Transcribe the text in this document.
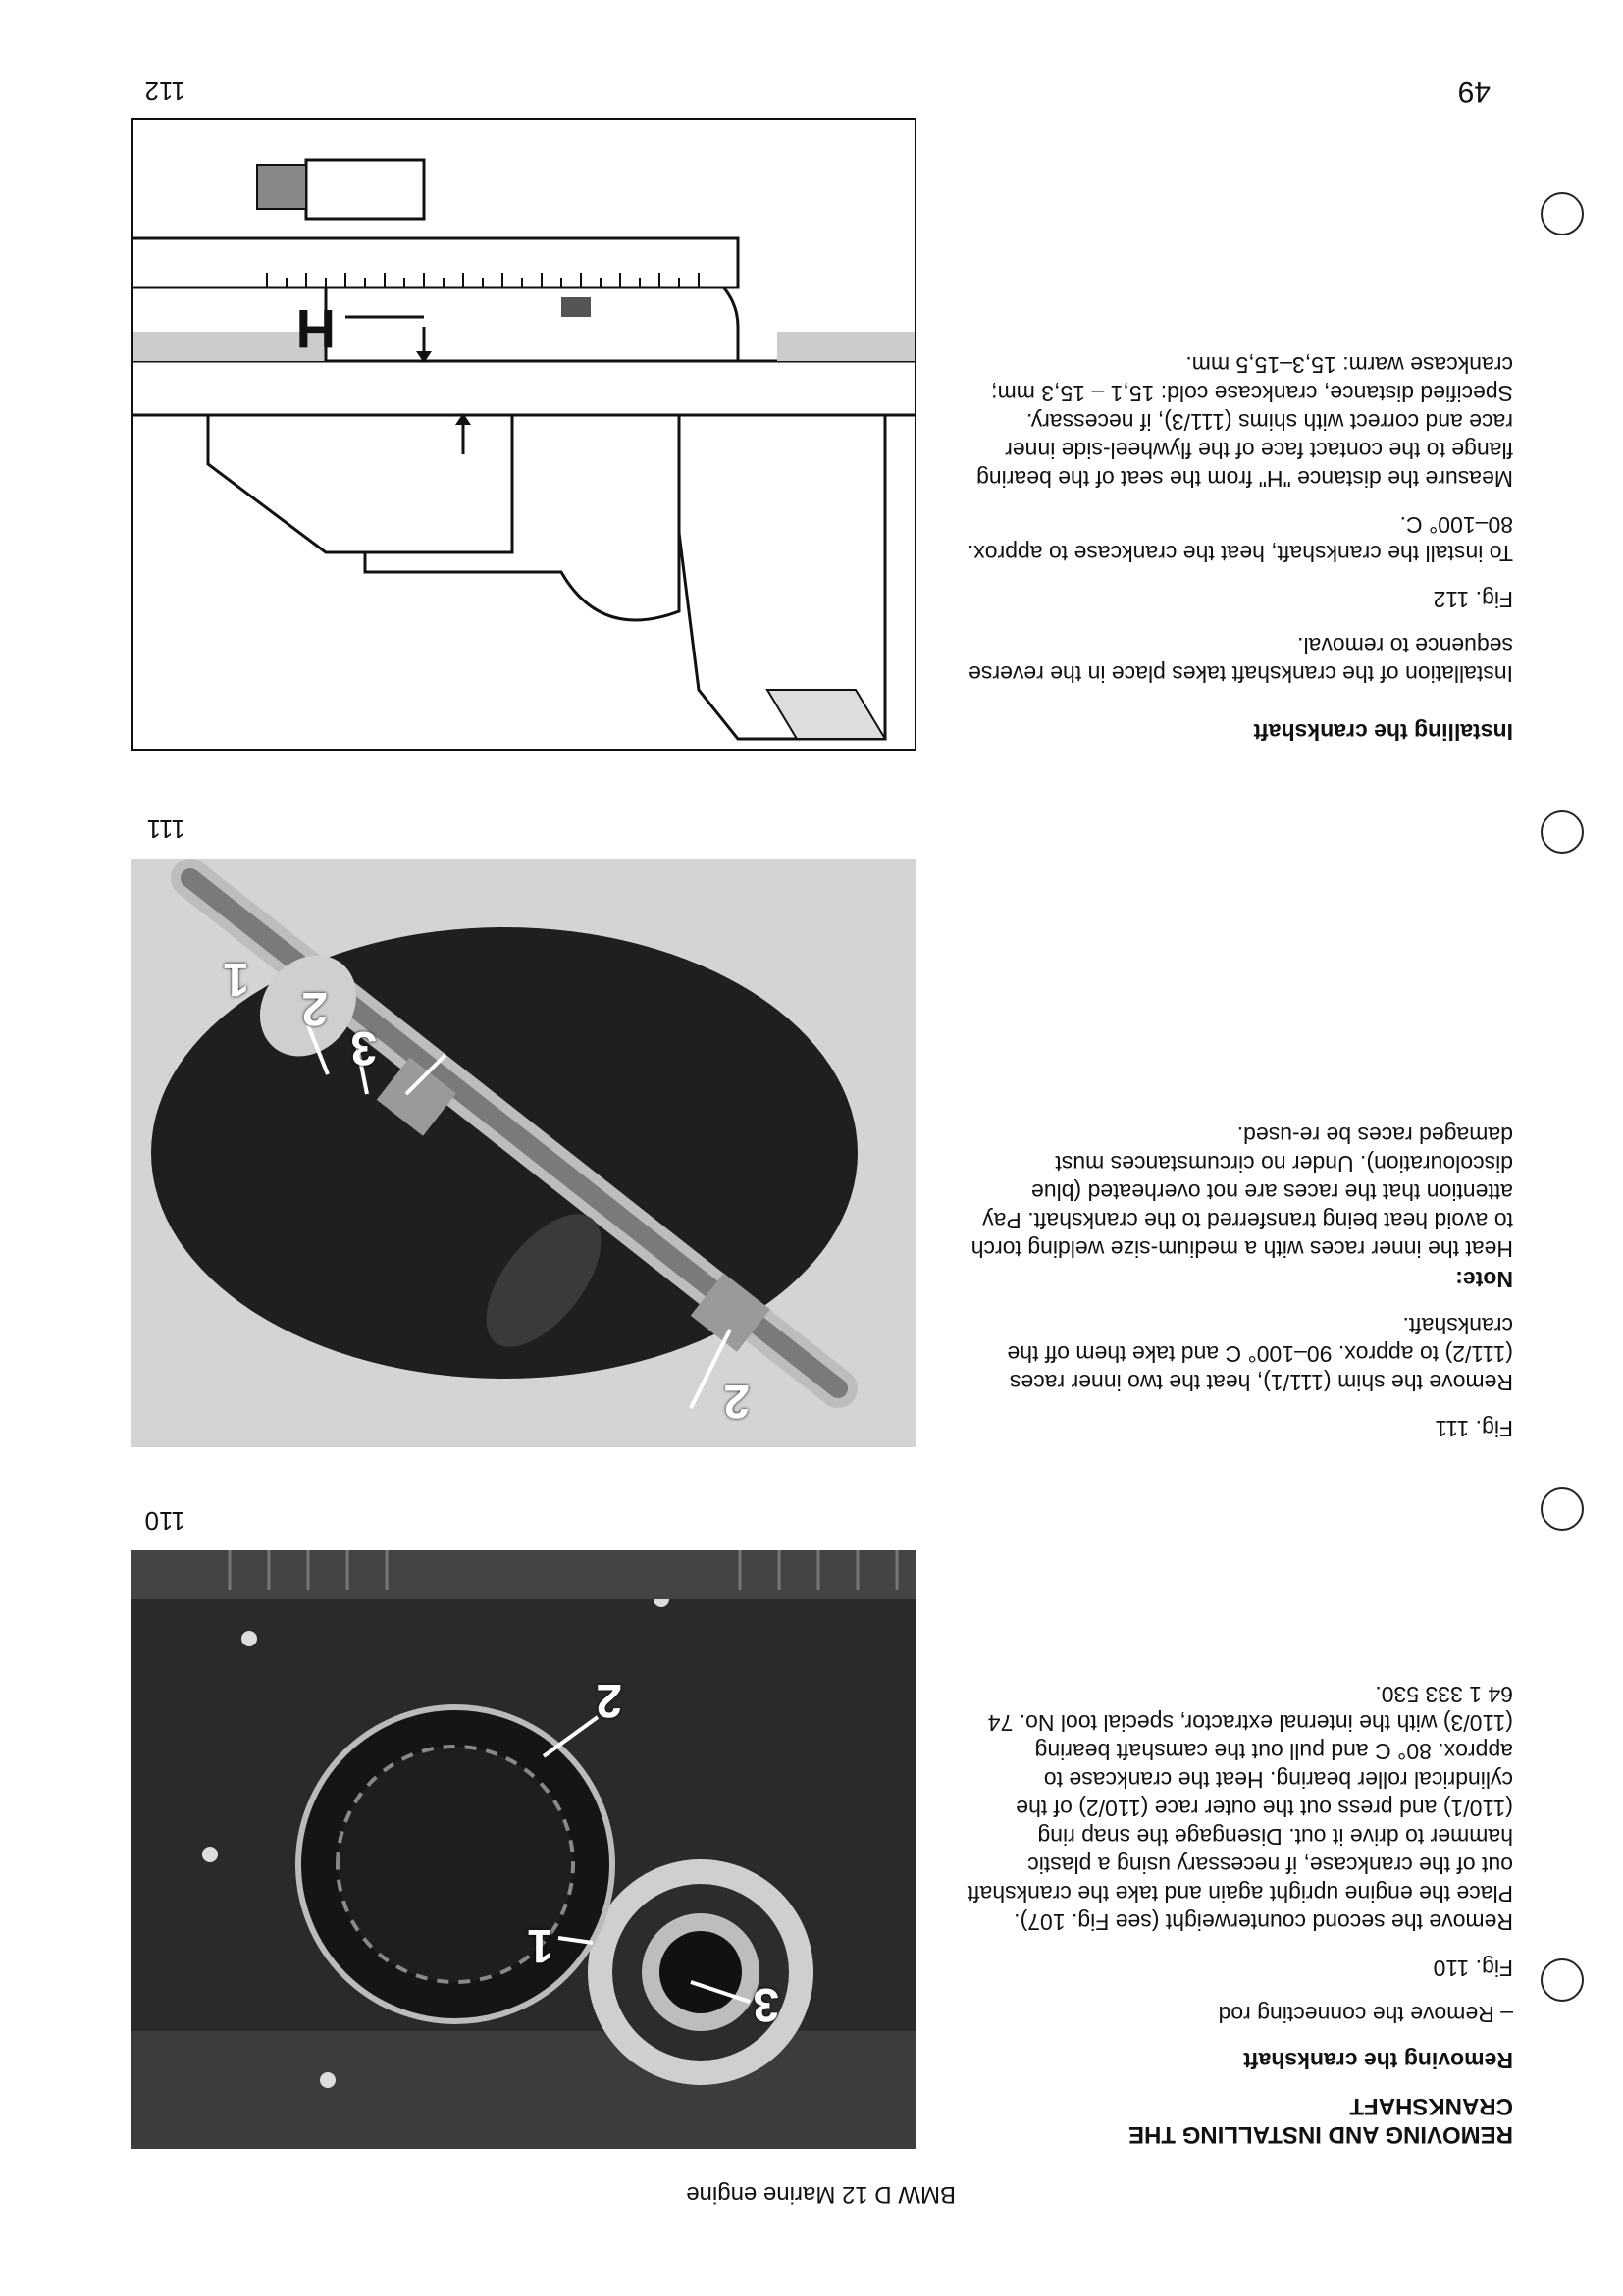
BMW D 12 Marine engine

REMOVING AND INSTALLING THE CRANKSHAFT

Removing the crankshaft

– Remove the connecting rod

Fig. 110

Remove the second counterweight (see Fig. 107).
Place the engine upright again and take the crankshaft out of the crankcase, if necessary using a plastic hammer to drive it out. Disengage the snap ring (110/1) and press out the outer race (110/2) of the cylindrical roller bearing. Heat the crankcase to approx. 80° C and pull out the camshaft bearing (110/3) with the internal extractor, special tool No. 74 64 1 333 530.

Fig. 111

Remove the shim (111/1), heat the two inner races (111/2) to approx. 90–100° C and take them off the crankshaft.

Note:

Heat the inner races with a medium-size welding torch to avoid heat being transferred to the crankshaft. Pay attention that the races are not overheated (blue discolouration). Under no circumstances must damaged races be re-used.

Installing the crankshaft

Installation of the crankshaft takes place in the reverse sequence to removal.

Fig. 112

To install the crankshaft, heat the crankcase to approx. 80–100° C.

Measure the distance "H" from the seat of the bearing flange to the contact face of the flywheel-side inner race and correct with shims (111/3), if necessary.
Specified distance, crankcase cold: 15,1 – 15,3 mm;
crankcase warm: 15,3–15,5 mm.

3
1
2
110
2
3
2
1
111
H
112	49
